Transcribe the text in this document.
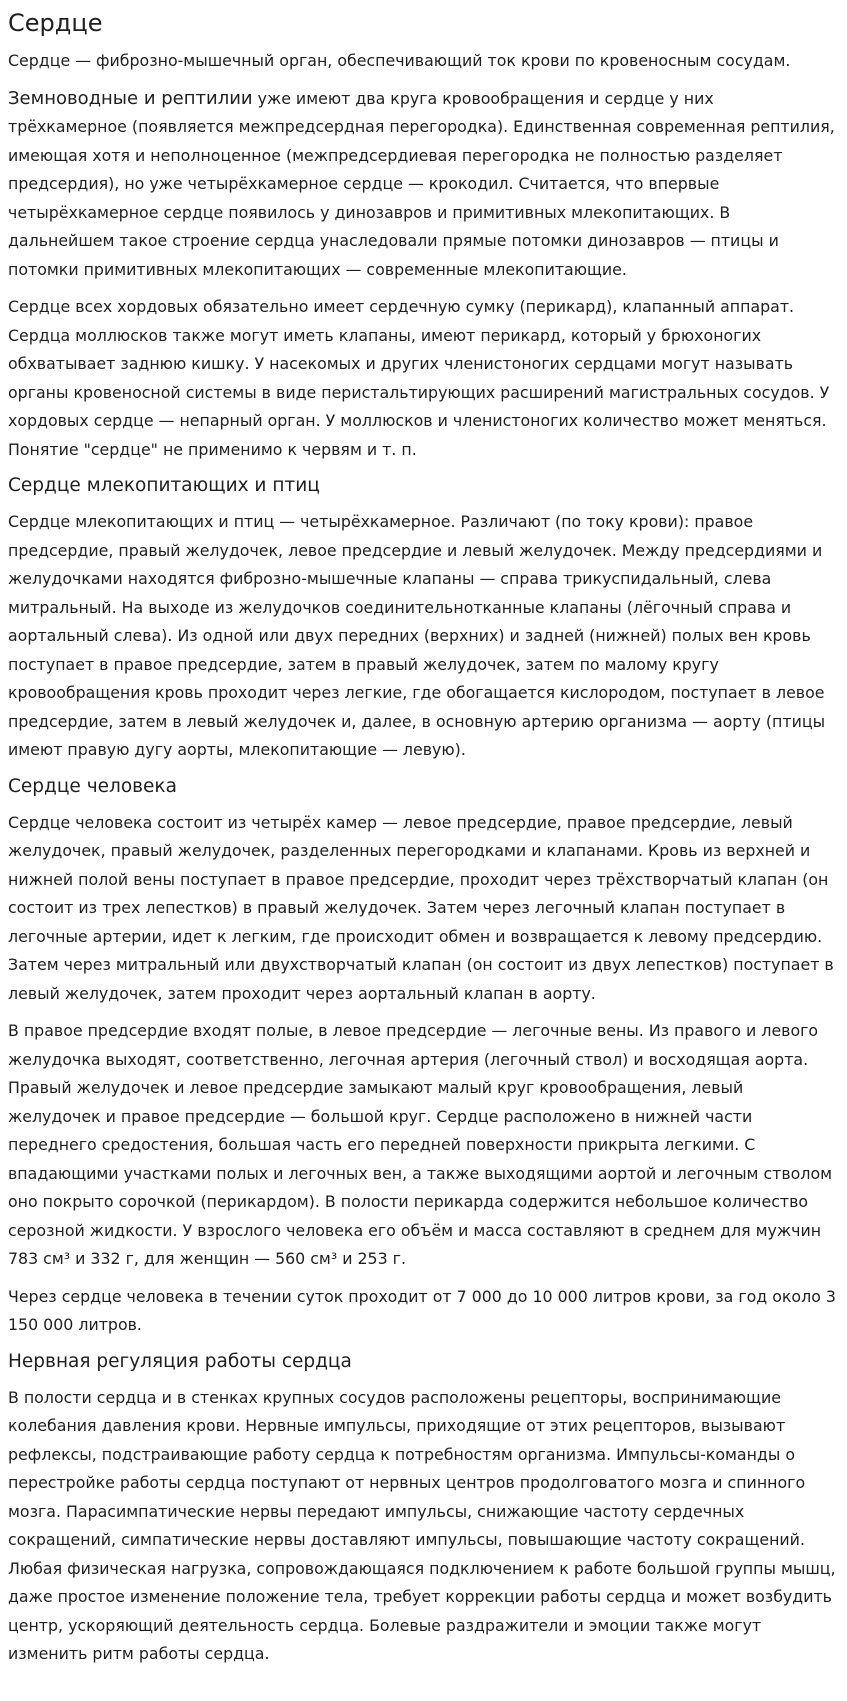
Сердце

Сердце — фиброзно-мышечный орган, обеспечивающий ток крови по кровеносным сосудам.

Земноводные и рептилии уже имеют два круга кровообращения и сердце у них трёхкамерное (появляется межпредсердная перегородка). Единственная современная рептилия, имеющая хотя и неполноценное (межпредсердиевая перегородка не полностью разделяет предсердия), но уже четырёхкамерное сердце — крокодил. Считается, что впервые четырёхкамерное сердце появилось у динозавров и примитивных млекопитающих. В дальнейшем такое строение сердца унаследовали прямые потомки динозавров — птицы и потомки примитивных млекопитающих — современные млекопитающие.

Сердце всех хордовых обязательно имеет сердечную сумку (перикард), клапанный аппарат. Сердца моллюсков также могут иметь клапаны, имеют перикард, который у брюхоногих обхватывает заднюю кишку. У насекомых и других членистоногих сердцами могут называть органы кровеносной системы в виде перистальтирующих расширений магистральных сосудов. У хордовых сердце — непарный орган. У моллюсков и членистоногих количество может меняться. Понятие "сердце" не применимо к червям и т. п.

Сердце млекопитающих и птиц

Сердце млекопитающих и птиц — четырёхкамерное. Различают (по току крови): правое предсердие, правый желудочек, левое предсердие и левый желудочек. Между предсердиями и желудочками находятся фиброзно-мышечные клапаны — справа трикуспидальный, слева митральный. На выходе из желудочков соединительнотканные клапаны (лёгочный справа и аортальный слева). Из одной или двух передних (верхних) и задней (нижней) полых вен кровь поступает в правое предсердие, затем в правый желудочек, затем по малому кругу кровообращения кровь проходит через легкие, где обогащается кислородом, поступает в левое предсердие, затем в левый желудочек и, далее, в основную артерию организма — аорту (птицы имеют правую дугу аорты, млекопитающие — левую).

Сердце человека

Сердце человека состоит из четырёх камер — левое предсердие, правое предсердие, левый желудочек, правый желудочек, разделенных перегородками и клапанами. Кровь из верхней и нижней полой вены поступает в правое предсердие, проходит через трёхстворчатый клапан (он состоит из трех лепестков) в правый желудочек. Затем через легочный клапан поступает в легочные артерии, идет к легким, где происходит обмен и возвращается к левому предсердию. Затем через митральный или двухстворчатый клапан (он состоит из двух лепестков) поступает в левый желудочек, затем проходит через аортальный клапан в аорту.

В правое предсердие входят полые, в левое предсердие — легочные вены. Из правого и левого желудочка выходят, соответственно, легочная артерия (легочный ствол) и восходящая аорта. Правый желудочек и левое предсердие замыкают малый круг кровообращения, левый желудочек и правое предсердие — большой круг. Сердце расположено в нижней части переднего средостения, большая часть его передней поверхности прикрыта легкими. С впадающими участками полых и легочных вен, а также выходящими аортой и легочным стволом оно покрыто сорочкой (перикардом). В полости перикарда содержится небольшое количество серозной жидкости. У взрослого человека его объём и масса составляют в среднем для мужчин 783 см³ и 332 г, для женщин — 560 см³ и 253 г.

Через сердце человека в течении суток проходит от 7 000 до 10 000 литров крови, за год около 3 150 000 литров.

Нервная регуляция работы сердца

В полости сердца и в стенках крупных сосудов расположены рецепторы, воспринимающие колебания давления крови. Нервные импульсы, приходящие от этих рецепторов, вызывают рефлексы, подстраивающие работу сердца к потребностям организма. Импульсы-команды о перестройке работы сердца поступают от нервных центров продолговатого мозга и спинного мозга. Парасимпатические нервы передают импульсы, снижающие частоту сердечных сокращений, симпатические нервы доставляют импульсы, повышающие частоту сокращений. Любая физическая нагрузка, сопровождающаяся подключением к работе большой группы мышц, даже простое изменение положение тела, требует коррекции работы сердца и может возбудить центр, ускоряющий деятельность сердца. Болевые раздражители и эмоции также могут изменить ритм работы сердца.
